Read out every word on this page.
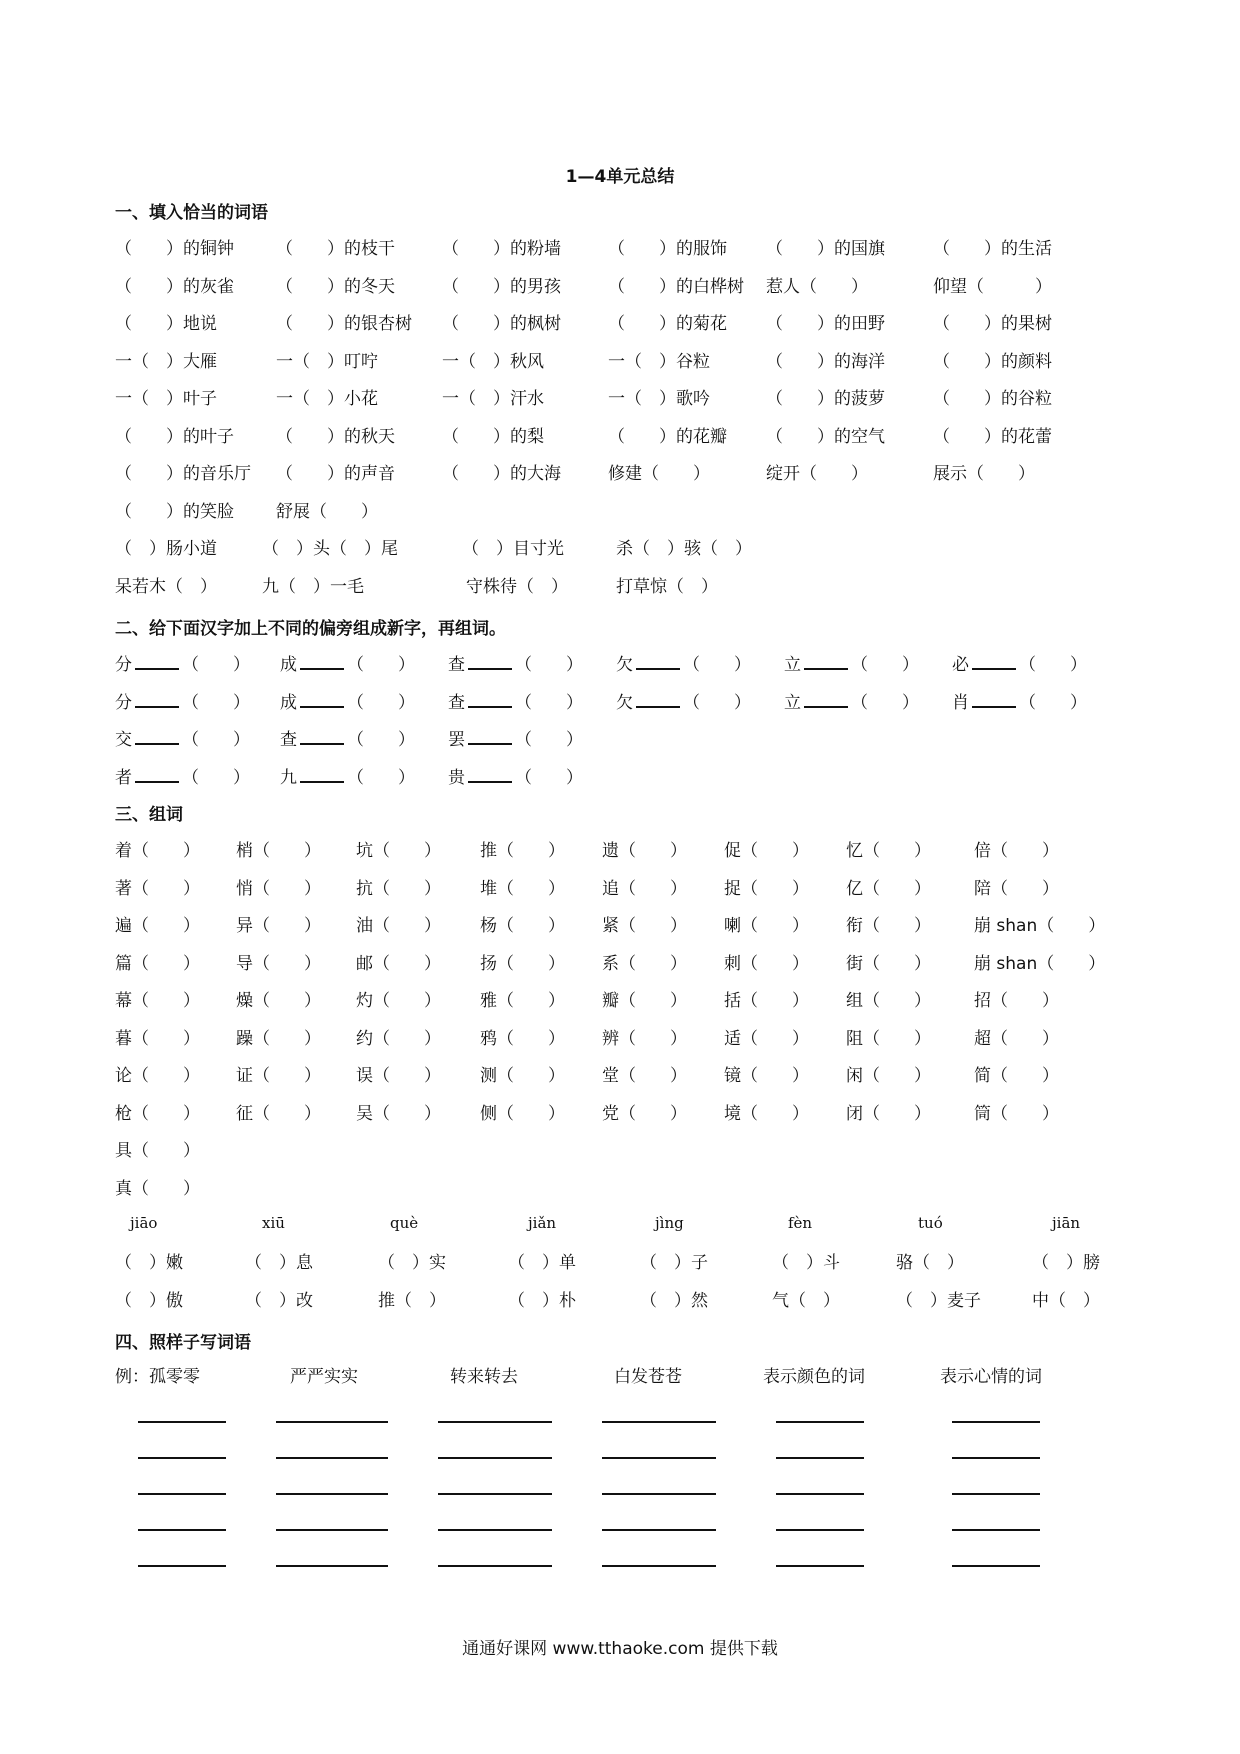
1—4单元总结
一、填入恰当的词语
（　　）的铜钟 （　　）的枝干	（　　）的粉墙	（　　）的服饰 （　　）的国旗	（　　）的生活
（　　）的灰雀 （　　）的冬天	（　　）的男孩	（　　）的白桦树 惹人（　　）	仰望（　　　）
（　　）地说	（　　）的银杏树 （　　）的枫树	（　　）的菊花 （　　）的田野	（　　）的果树
一（　）大雁	一（　）叮咛	一（　）秋风	一（　）谷粒	（　　）的海洋	（　　）的颜料
一（　）叶子	一（　）小花	一（　）汗水	一（　）歌吟	（　　）的菠萝	（　　）的谷粒
（　　）的叶子 （　　）的秋天	（　　）的梨	（　　）的花瓣 （　　）的空气	（　　）的花蕾
（　　）的音乐厅 （　　）的声音	（　　）的大海	修建（　　）	绽开（　　）	展示（　　）
（　　）的笑脸 舒展（　　）
（　）肠小道	（　）头（　）尾	（　）目寸光	杀（　）骇（　）
呆若木（　）	九（　）一毛	守株待（　）	打草惊（　）
二、给下面汉字加上不同的偏旁组成新字，再组词。
分	（　　） 成	（　　） 查	（　　） 欠	（　　） 立	（　　） 必	（　　）
分	（　　） 成	（　　） 查	（　　） 欠	（　　） 立	（　　） 肖	（　　）
交	（　　） 查	（　　） 罢	（　　）
者	（　　） 九	（　　） 贵	（　　）
三、组词
着（　　） 梢（　　） 坑（　　） 推（　　） 遗（　　） 促（　　） 忆（　　）	倍（　　）
著（　　） 悄（　　） 抗（　　） 堆（　　） 追（　　） 捉（　　） 亿（　　）	陪（　　）
遍（　　） 异（　　） 油（　　） 杨（　　） 紧（　　） 喇（　　） 衔（　　）	崩 shan（　　）
篇（　　） 导（　　） 邮（　　） 扬（　　） 系（　　） 刺（　　） 街（　　）	崩 shan（　　）
幕（　　） 燥（　　） 灼（　　） 雅（　　） 瓣（　　） 括（　　） 组（　　）	招（　　）
暮（　　） 躁（　　） 约（　　） 鸦（　　） 辨（　　） 适（　　） 阻（　　）	超（　　）
论（　　） 证（　　） 误（　　） 测（　　） 堂（　　） 镜（　　） 闲（　　）	简（　　）
枪（　　） 征（　　） 吴（　　） 侧（　　） 党（　　） 境（　　） 闭（　　）	筒（　　）
具（　　）
真（　　）
jiāo	xiū	què	jiǎn	jìng	fèn	tuó	jiān
（　）嫩	（　）息	（　）实	（　）单	（　）子	（　）斗	骆（　）	（　）膀
（　）傲	（　）改	推（　）	（　）朴	（　）然	气（　）	（　）麦子	中（　）
四、照样子写词语
例：孤零零	严严实实	转来转去	白发苍苍	表示颜色的词	表示心情的词
通通好课网 www.tthaoke.com 提供下载
